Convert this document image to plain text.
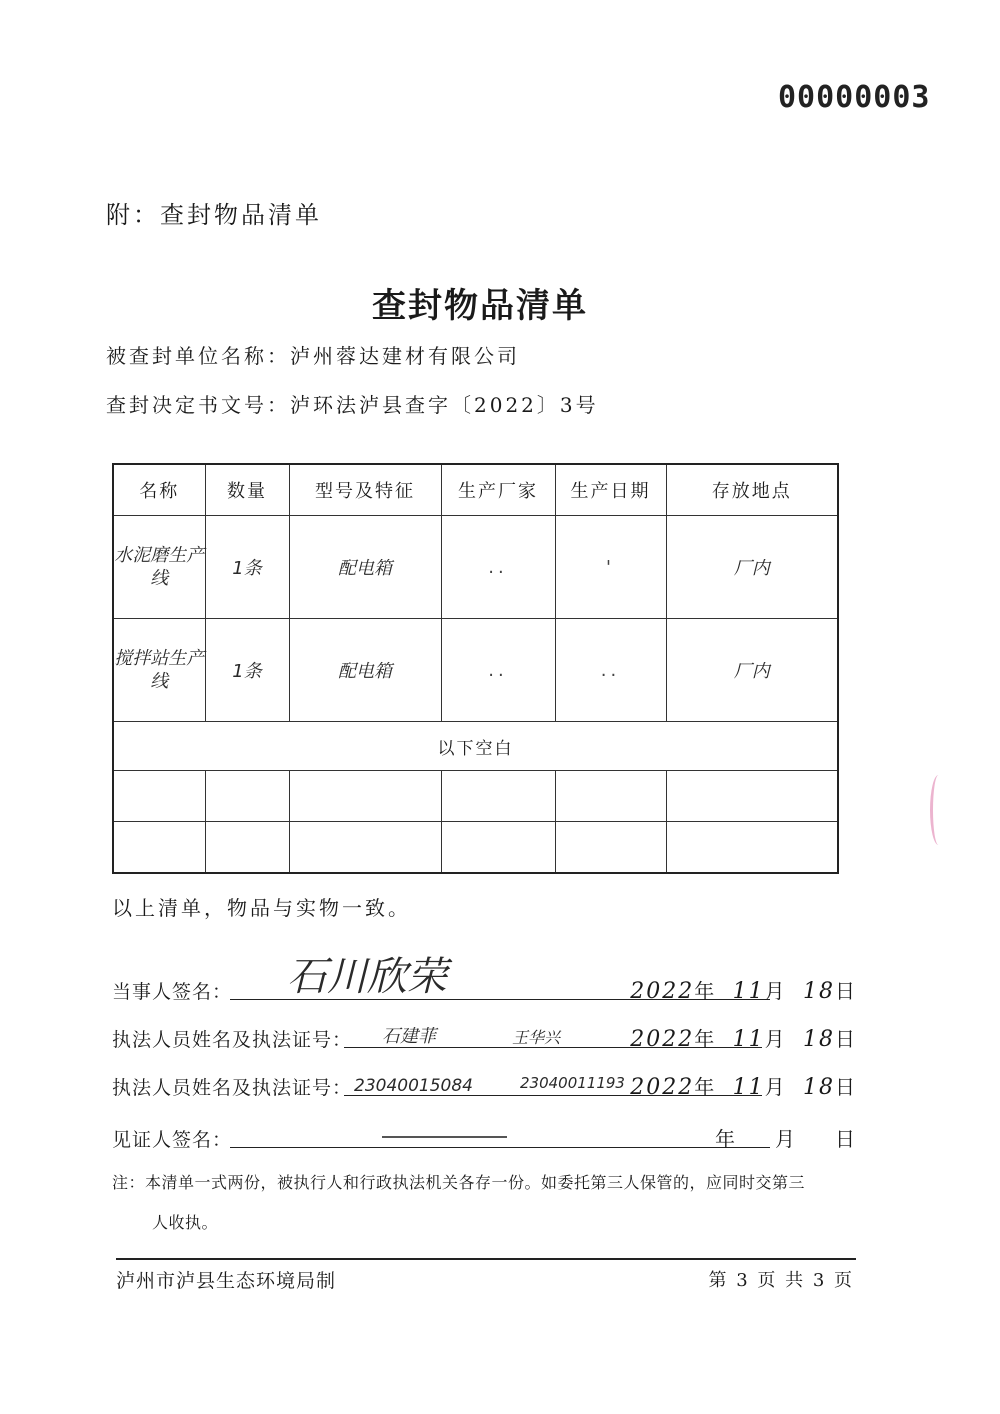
00000003
附：查封物品清单
查封物品清单
被查封单位名称：泸州蓉达建材有限公司
查封决定书文号：泸环法泸县查字〔2022〕3号
名称	数量	型号及特征	生产厂家	生产日期	存放地点
水泥磨生产线	1条	配电箱	..	'	厂内
搅拌站生产线	1条	配电箱	..	..	厂内
以下空白					

以上清单，物品与实物一致。
当事人签名： 石川欣荣	2022年 11月 18日
执法人员姓名及执法证号： 石建菲	王华兴	2022年 11月 18日
执法人员姓名及执法证号： 23040015084	23040011193 2022年 11月 18日
见证人签名：	年 月 日
注：本清单一式两份，被执行人和行政执法机关各存一份。如委托第三人保管的，应同时交第三
人收执。
泸州市泸县生态环境局制	第 3 页 共 3 页
